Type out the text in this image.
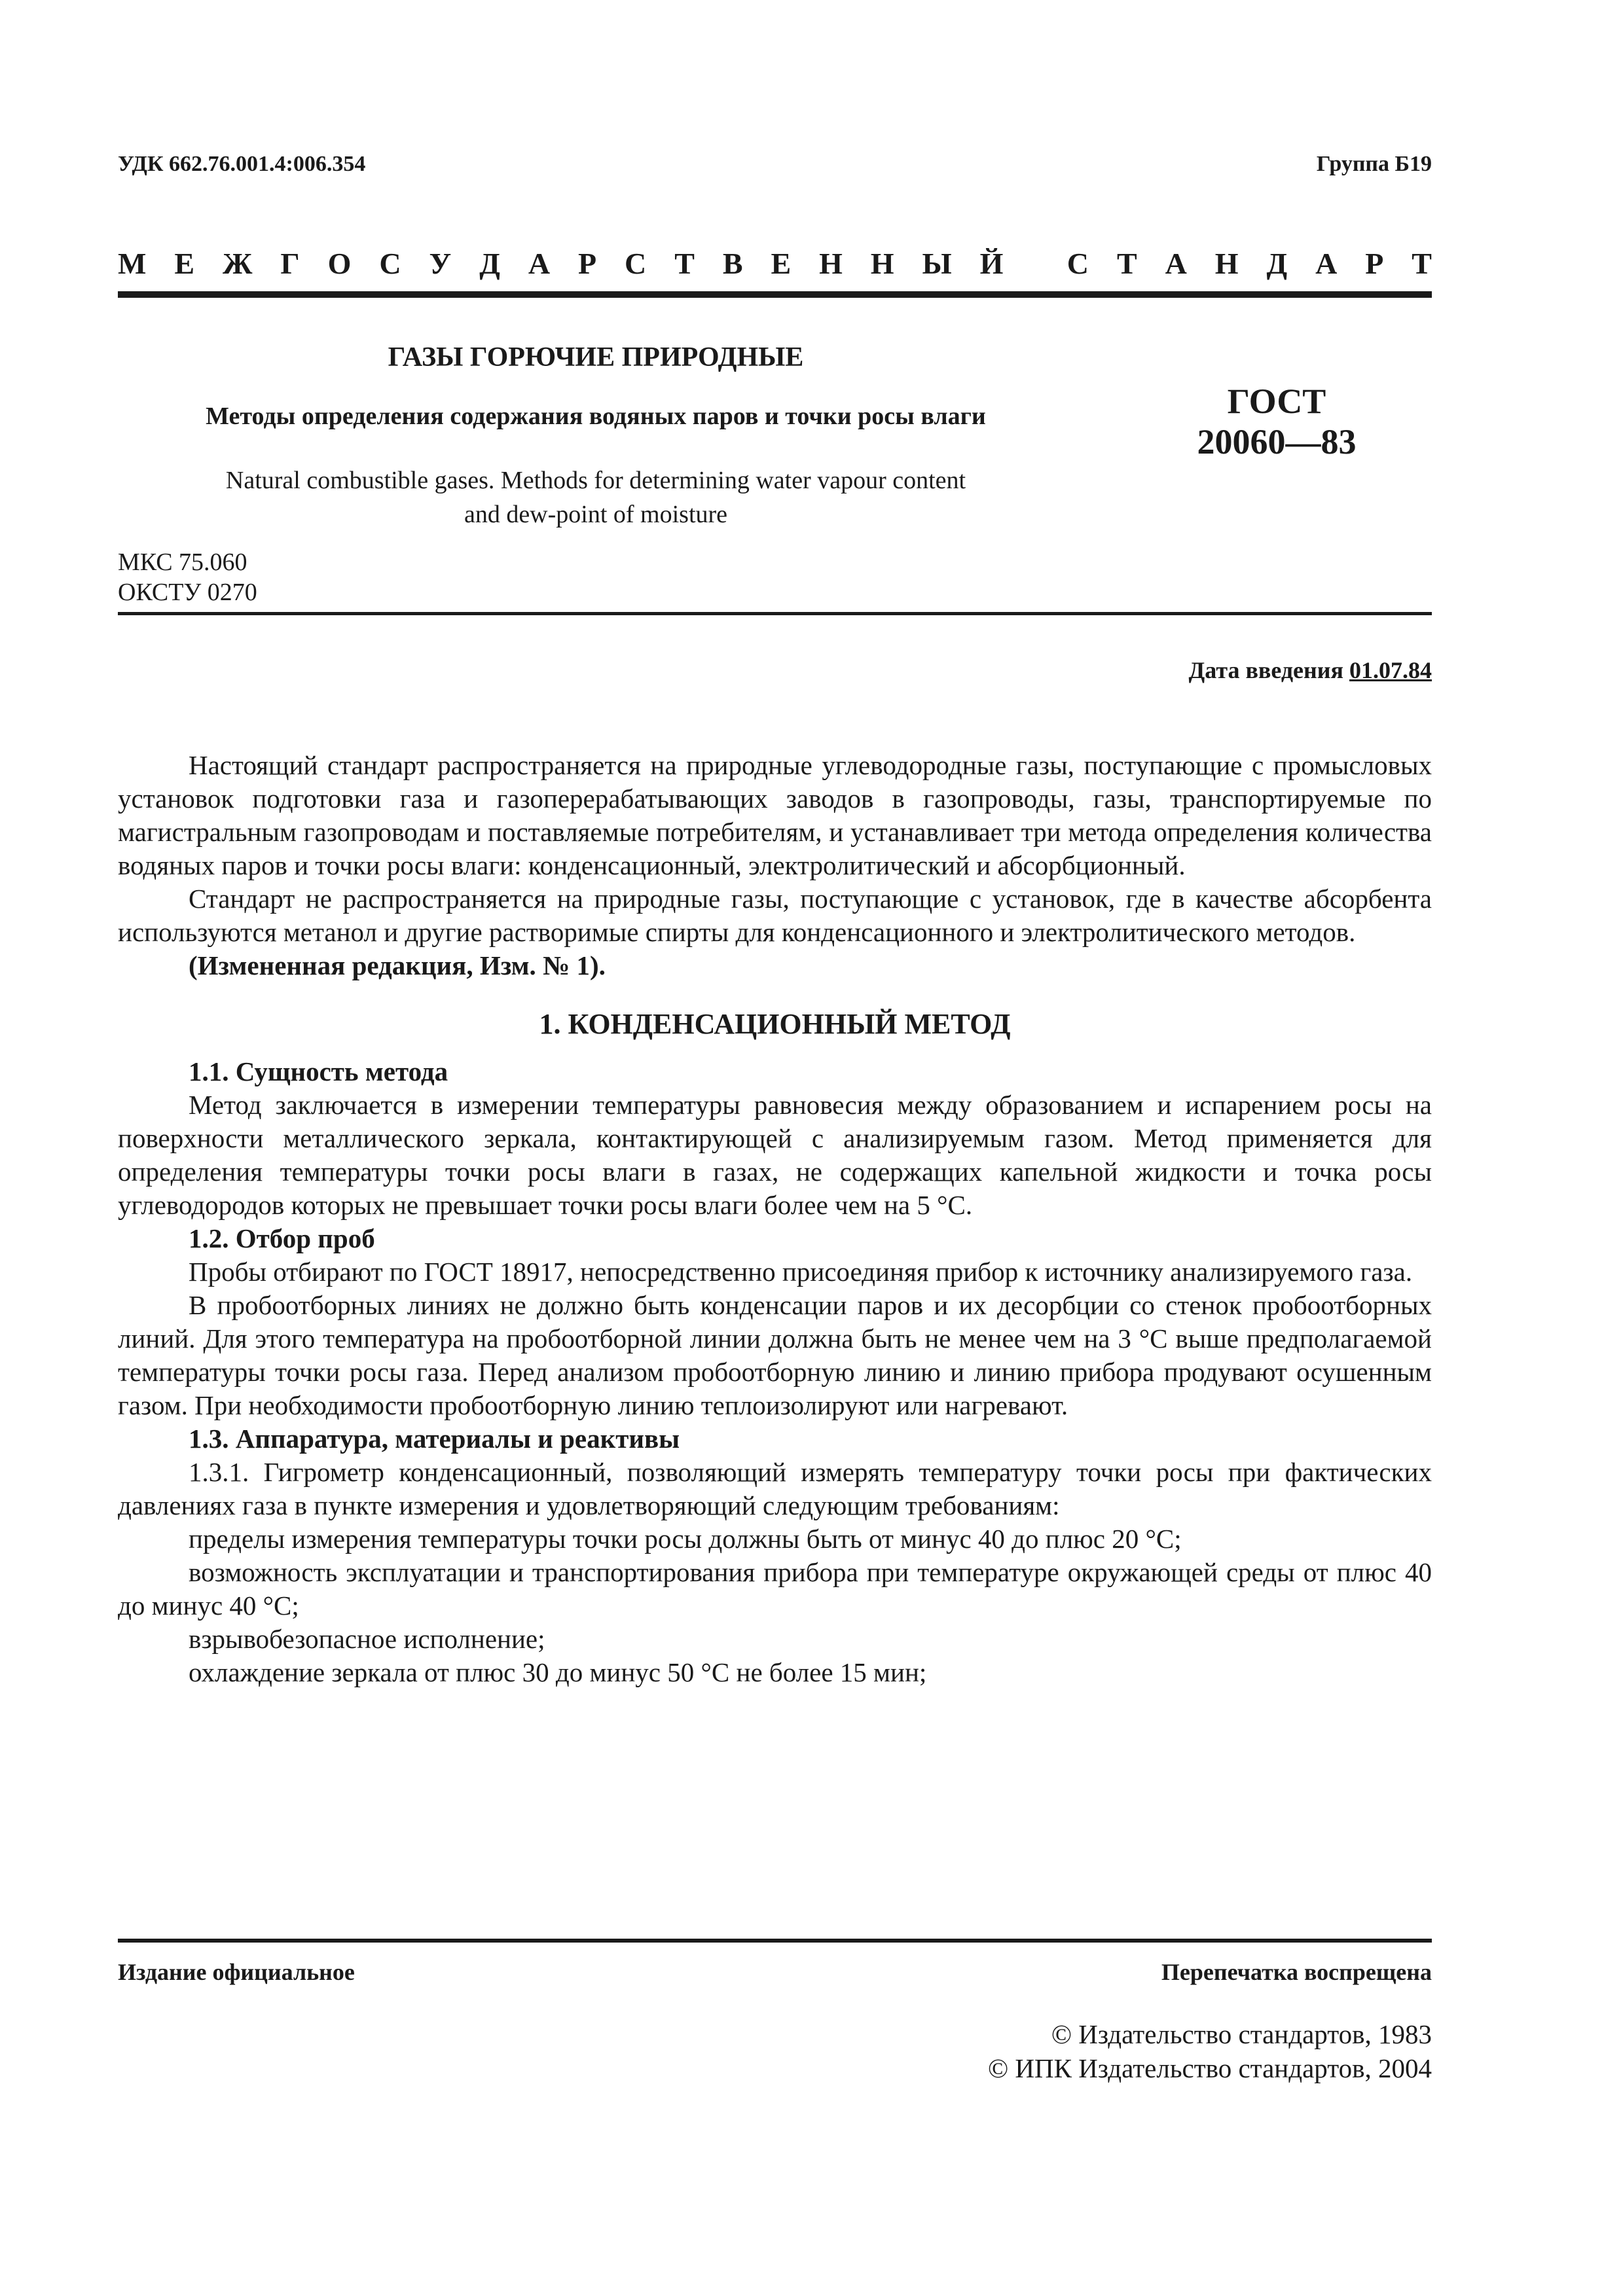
УДК 662.76.001.4:006.354	Группа Б19
М Е Ж Г О С У Д А Р С Т В Е Н Н Ы Й
С Т А Н Д А Р Т
ГАЗЫ ГОРЮЧИЕ ПРИРОДНЫЕ
Методы определения содержания водяных паров и точки росы влаги
Natural combustible gases. Methods for determining water vapour content
and dew-point of moisture
ГОСТ
20060—83
МКС 75.060
ОКСТУ 0270
Дата введения 01.07.84

Настоящий стандарт распространяется на природные углеводородные газы, поступающие с промысловых установок подготовки газа и газоперерабатывающих заводов в газопроводы, газы, транспортируемые по магистральным газопроводам и поставляемые потребителям, и устанавливает три метода определения количества водяных паров и точки росы влаги: конденсационный, электролитический и абсорбционный.

Стандарт не распространяется на природные газы, поступающие с установок, где в качестве абсорбента используются метанол и другие растворимые спирты для конденсационного и электролитического методов.

(Измененная редакция, Изм. № 1).

1. КОНДЕНСАЦИОННЫЙ МЕТОД

1.1. Сущность метода

Метод заключается в измерении температуры равновесия между образованием и испарением росы на поверхности металлического зеркала, контактирующей с анализируемым газом. Метод применяется для определения температуры точки росы влаги в газах, не содержащих капельной жидкости и точка росы углеводородов которых не превышает точки росы влаги более чем на 5 °С.

1.2. Отбор проб

Пробы отбирают по ГОСТ 18917, непосредственно присоединяя прибор к источнику анализируемого газа.

В пробоотборных линиях не должно быть конденсации паров и их десорбции со стенок пробоотборных линий. Для этого температура на пробоотборной линии должна быть не менее чем на 3 °С выше предполагаемой температуры точки росы газа. Перед анализом пробоотборную линию и линию прибора продувают осушенным газом. При необходимости пробоотборную линию теплоизолируют или нагревают.

1.3. Аппаратура, материалы и реактивы

1.3.1. Гигрометр конденсационный, позволяющий измерять температуру точки росы при фактических давлениях газа в пункте измерения и удовлетворяющий следующим требованиям:

пределы измерения температуры точки росы должны быть от минус 40 до плюс 20 °С;

возможность эксплуатации и транспортирования прибора при температуре окружающей среды от плюс 40 до минус 40 °С;

взрывобезопасное исполнение;

охлаждение зеркала от плюс 30 до минус 50 °С не более 15 мин;

Издание официальное	Перепечатка воспрещена
© Издательство стандартов, 1983
© ИПК Издательство стандартов, 2004
